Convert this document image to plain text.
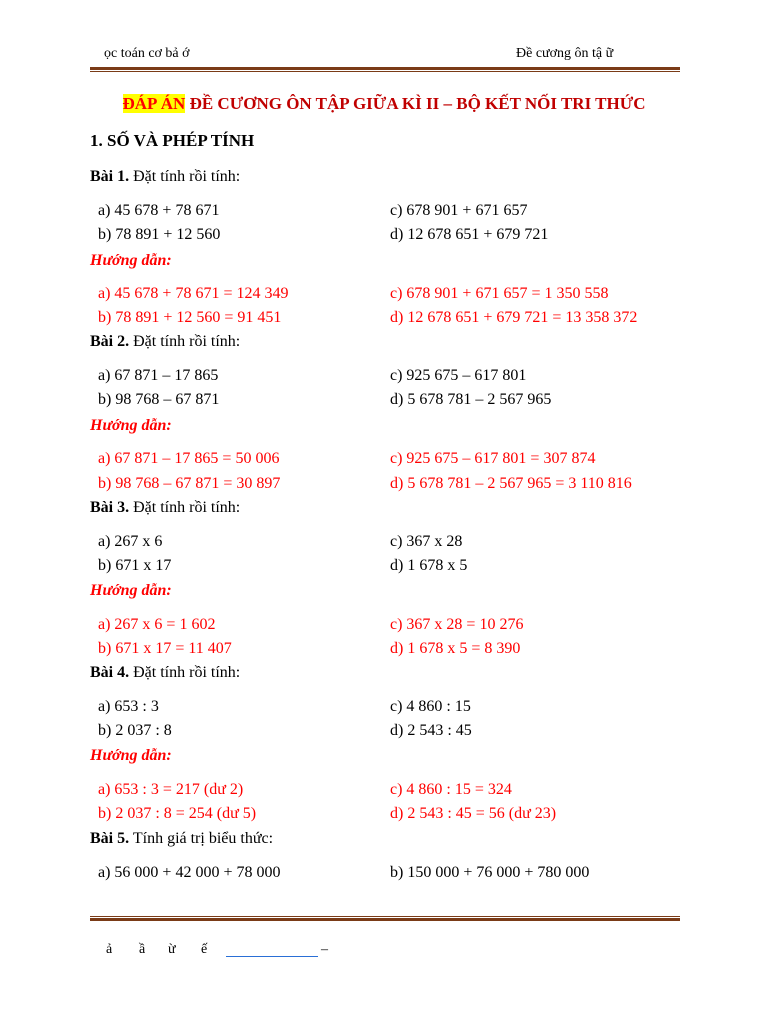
ọc toán cơ bả ớ	Đề cương ôn tậ ữ
ĐÁP ÁN ĐỀ CƯƠNG ÔN TẬP GIỮA KÌ II – BỘ KẾT NỐI TRI THỨC
1. SỐ VÀ PHÉP TÍNH
Bài 1. Đặt tính rồi tính:
a) 45 678 + 78 671	c) 678 901 + 671 657
b) 78 891 + 12 560	d) 12 678 651 + 679 721
Hướng dẫn:
a) 45 678 + 78 671 = 124 349	c) 678 901 + 671 657 = 1 350 558
b) 78 891 + 12 560 = 91 451	d) 12 678 651 + 679 721 = 13 358 372
Bài 2. Đặt tính rồi tính:
a) 67 871 – 17 865	c) 925 675 – 617 801
b) 98 768 – 67 871	d) 5 678 781 – 2 567 965
Hướng dẫn:
a) 67 871 – 17 865 = 50 006	c) 925 675 – 617 801 = 307 874
b) 98 768 – 67 871 = 30 897	d) 5 678 781 – 2 567 965 = 3 110 816
Bài 3. Đặt tính rồi tính:
a) 267 x 6	c) 367 x 28
b) 671 x 17	d) 1 678 x 5
Hướng dẫn:
a) 267 x 6 = 1 602	c) 367 x 28 = 10 276
b) 671 x 17 = 11 407	d) 1 678 x 5 = 8 390
Bài 4. Đặt tính rồi tính:
a) 653 : 3	c) 4 860 : 15
b) 2 037 : 8	d) 2 543 : 45
Hướng dẫn:
a) 653 : 3 = 217 (dư 2)	c) 4 860 : 15 = 324
b) 2 037 : 8 = 254 (dư 5)	d) 2 543 : 45 = 56 (dư 23)
Bài 5. Tính giá trị biểu thức:
a) 56 000 + 42 000 + 78 000	b) 150 000 + 76 000 + 780 000
ả ầ ừ ế	–
